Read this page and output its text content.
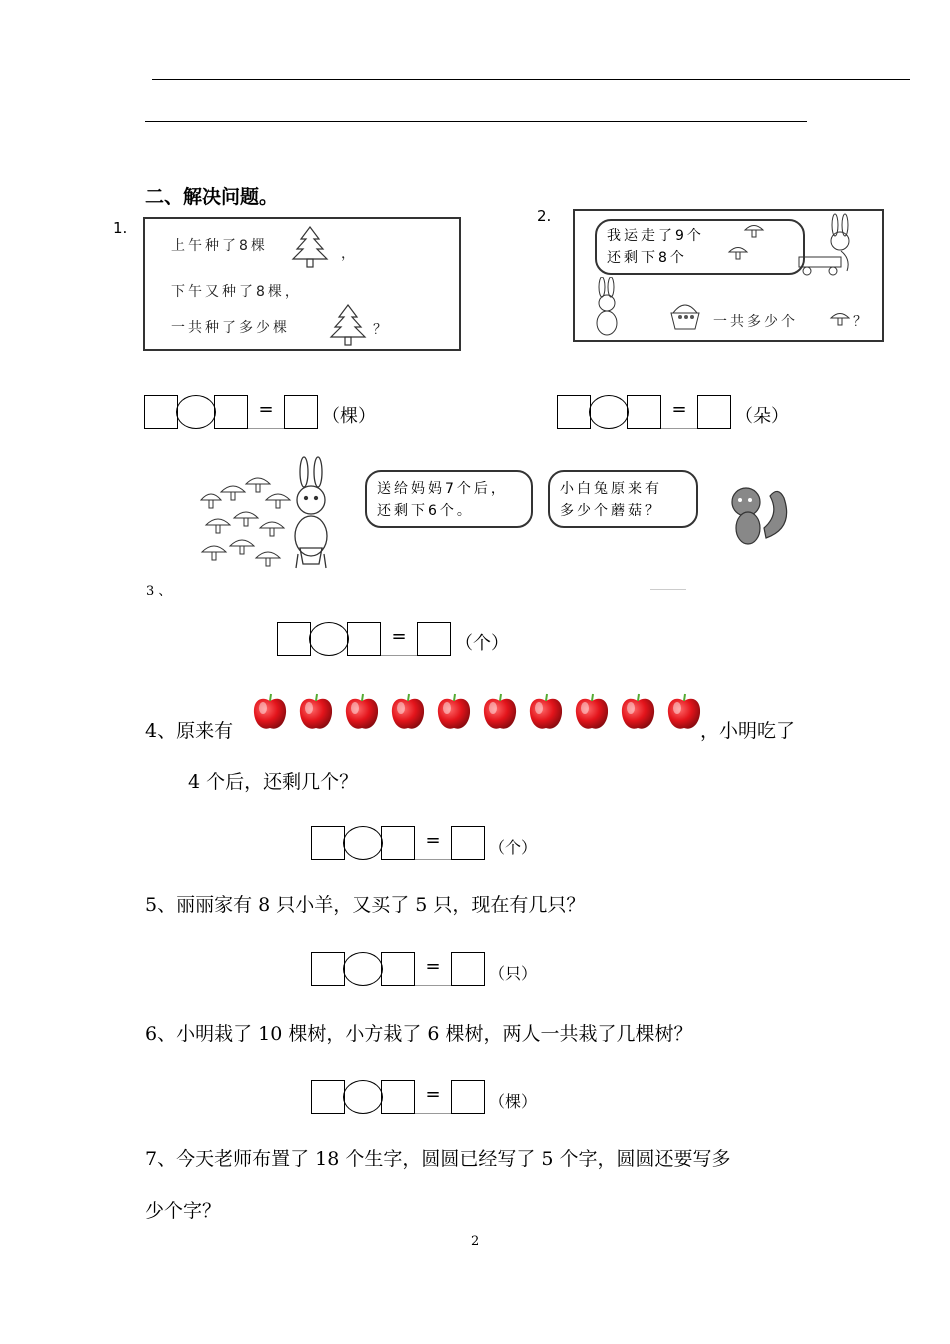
二、解决问题。
1.
上午种了8棵	，
下午又种了8棵，
一共种了多少棵	？
2.
我运走了9个
还剩下8个
一共多少个	？
=	（棵）	=	（朵）
送给妈妈7个后，
还剩下6个。
小白兔原来有
多少个蘑菇？
3 、
=	（个）
4、原来有	，小明吃了
4 个后，还剩几个？
=	（个）
5、丽丽家有 8 只小羊，又买了 5 只，现在有几只？
=	（只）
6、小明栽了 10 棵树，小方栽了 6 棵树，两人一共栽了几棵树？
=	（棵）
7、今天老师布置了 18 个生字，圆圆已经写了 5 个字，圆圆还要写多
少个字？
2
